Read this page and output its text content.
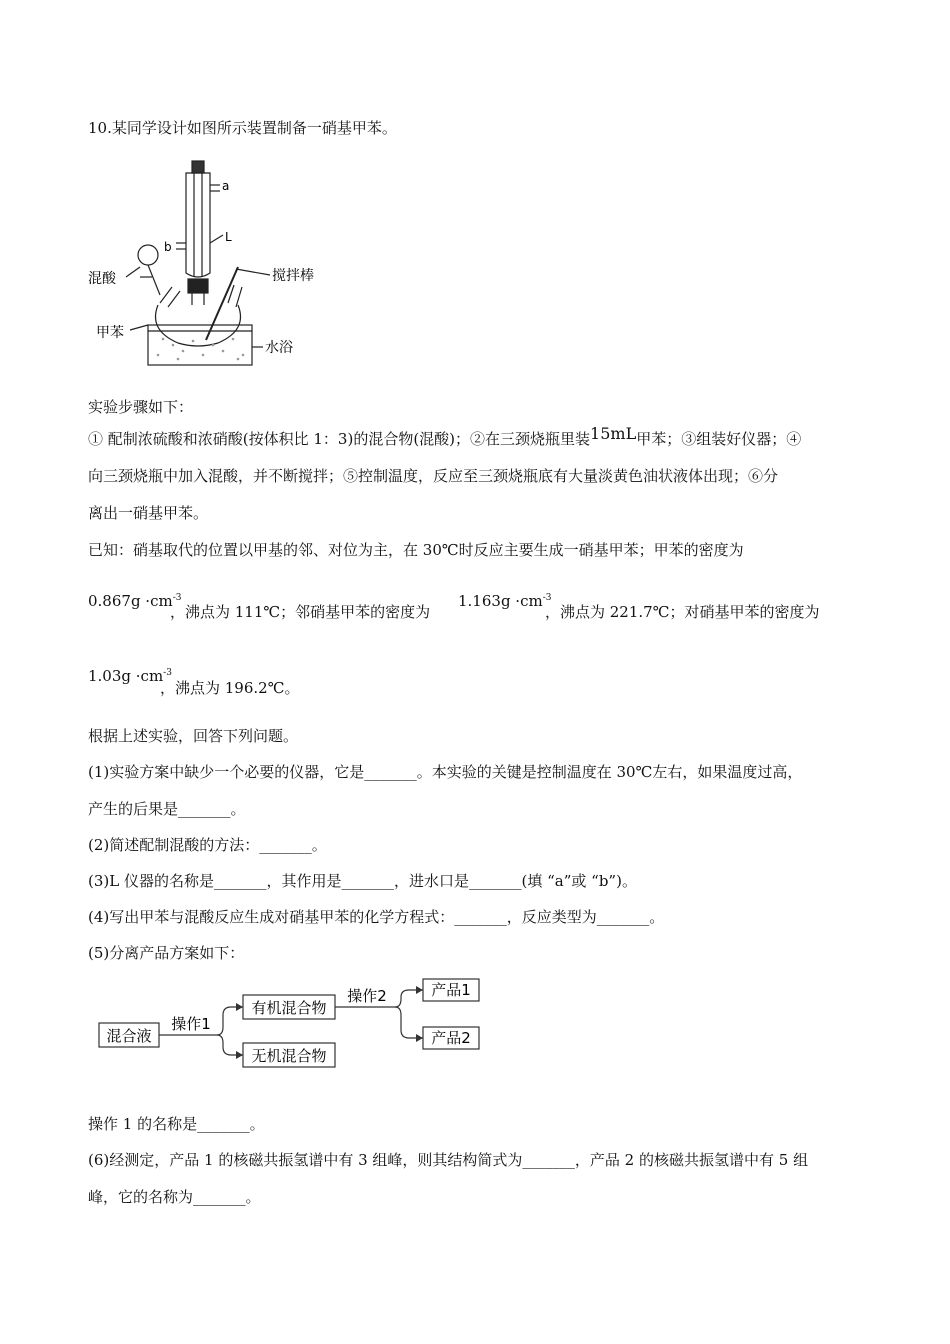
10.某同学设计如图所示装置制备一硝基甲苯。
a
b
L
混酸	搅拌棒
甲苯
水浴
实验步骤如下：
① 配制浓硫酸和浓硝酸(按体积比 1：3)的混合物(混酸)；②在三颈烧瓶里装15mL甲苯；③组装好仪器；④
向三颈烧瓶中加入混酸，并不断搅拌；⑤控制温度，反应至三颈烧瓶底有大量淡黄色油状液体出现；⑥分
离出一硝基甲苯。
已知：硝基取代的位置以甲基的邻、对位为主，在 30℃时反应主要生成一硝基甲苯；甲苯的密度为
$0.867g \cdot cm^{-3}$
，沸点为 111℃；邻硝基甲苯的密度为
$1.163g \cdot cm^{-3}$
，沸点为 221.7℃；对硝基甲苯的密度为
$1.03g \cdot cm^{-3}$
，沸点为 196.2℃。
根据上述实验，回答下列问题。
(1)实验方案中缺少一个必要的仪器，它是_______。本实验的关键是控制温度在 30℃左右，如果温度过高，
产生的后果是_______。
(2)简述配制混酸的方法：_______。
(3)L 仪器的名称是_______，其作用是_______，进水口是_______(填 “a”或 “b”)。
(4)写出甲苯与混酸反应生成对硝基甲苯的化学方程式：_______，反应类型为_______。
(5)分离产品方案如下：
混合液
操作1
有机混合物
无机混合物
操作2	产品1
产品2
操作 1 的名称是_______。
(6)经测定，产品 1 的核磁共振氢谱中有 3 组峰，则其结构简式为_______，产品 2 的核磁共振氢谱中有 5 组
峰，它的名称为_______。
